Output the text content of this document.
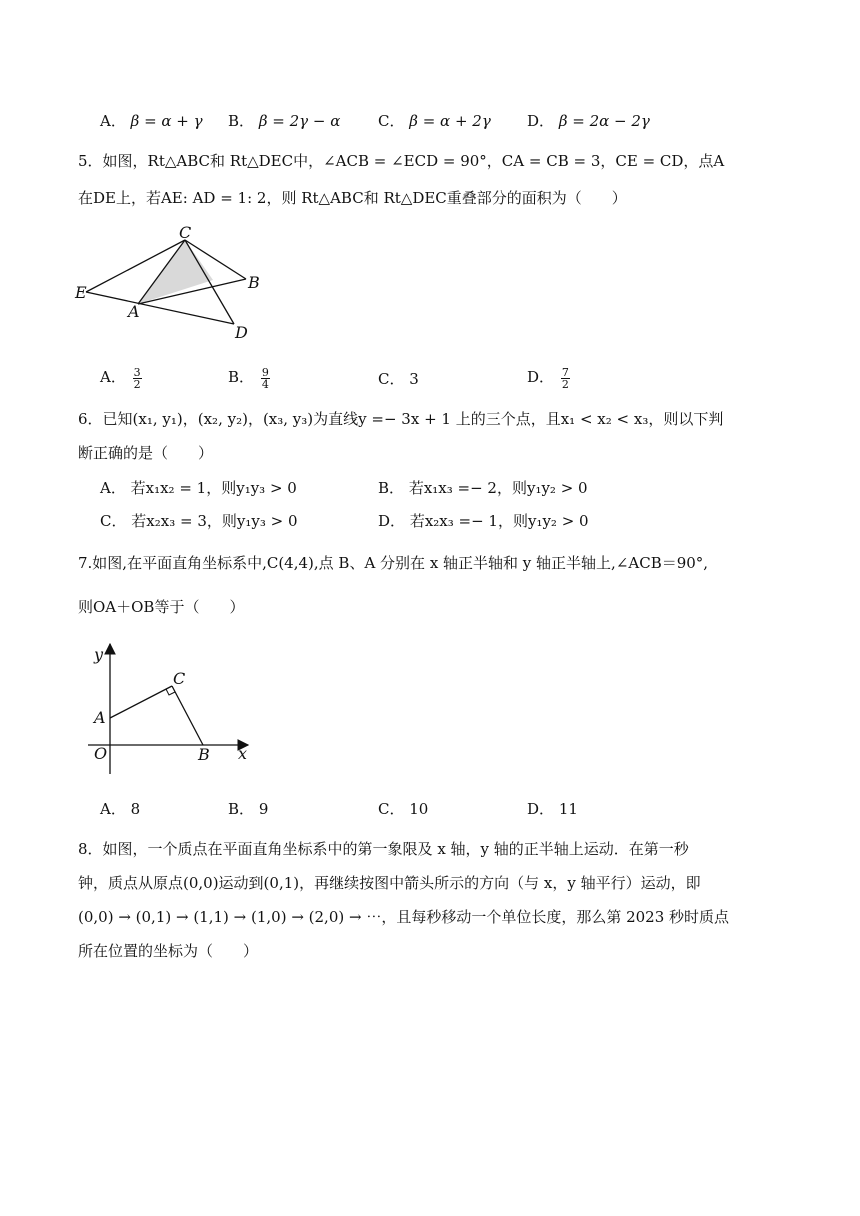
A． β = α + γ B． β = 2γ − α	C． β = α + 2γ D． β = 2α − 2γ
5．如图，Rt△ABC和 Rt△DEC中，∠ACB = ∠ECD = 90°，CA = CB = 3，CE = CD，点A
在DE上，若AE: AD = 1: 2，则 Rt△ABC和 Rt△DEC重叠部分的面积为（　　）
C
E
B
A
D
A． $\frac{3}{2}$	B． $\frac{9}{4}$	C． 3	D． $\frac{7}{2}$
6．已知(x₁, y₁)，(x₂, y₂)，(x₃, y₃)为直线y =− 3x + 1 上的三个点，且x₁ < x₂ < x₃，则以下判
断正确的是（　　）
A． 若x₁x₂ = 1，则y₁y₃ > 0	B． 若x₁x₃ =− 2，则y₁y₂ > 0
C． 若x₂x₃ = 3，则y₁y₃ > 0	D． 若x₂x₃ =− 1，则y₁y₂ > 0
7.如图,在平面直角坐标系中,C(4,4),点 B、A 分别在 x 轴正半轴和 y 轴正半轴上,∠ACB＝90°,
则OA＋OB等于（　　）
y
x
O
A
B
C
A． 8	B． 9	C． 10	D． 11
8．如图，一个质点在平面直角坐标系中的第一象限及 x 轴，y 轴的正半轴上运动．在第一秒
钟，质点从原点(0,0)运动到(0,1)，再继续按图中箭头所示的方向（与 x，y 轴平行）运动，即
(0,0) → (0,1) → (1,1) → (1,0) → (2,0) → ⋯，且每秒移动一个单位长度，那么第 2023 秒时质点
所在位置的坐标为（　　）
